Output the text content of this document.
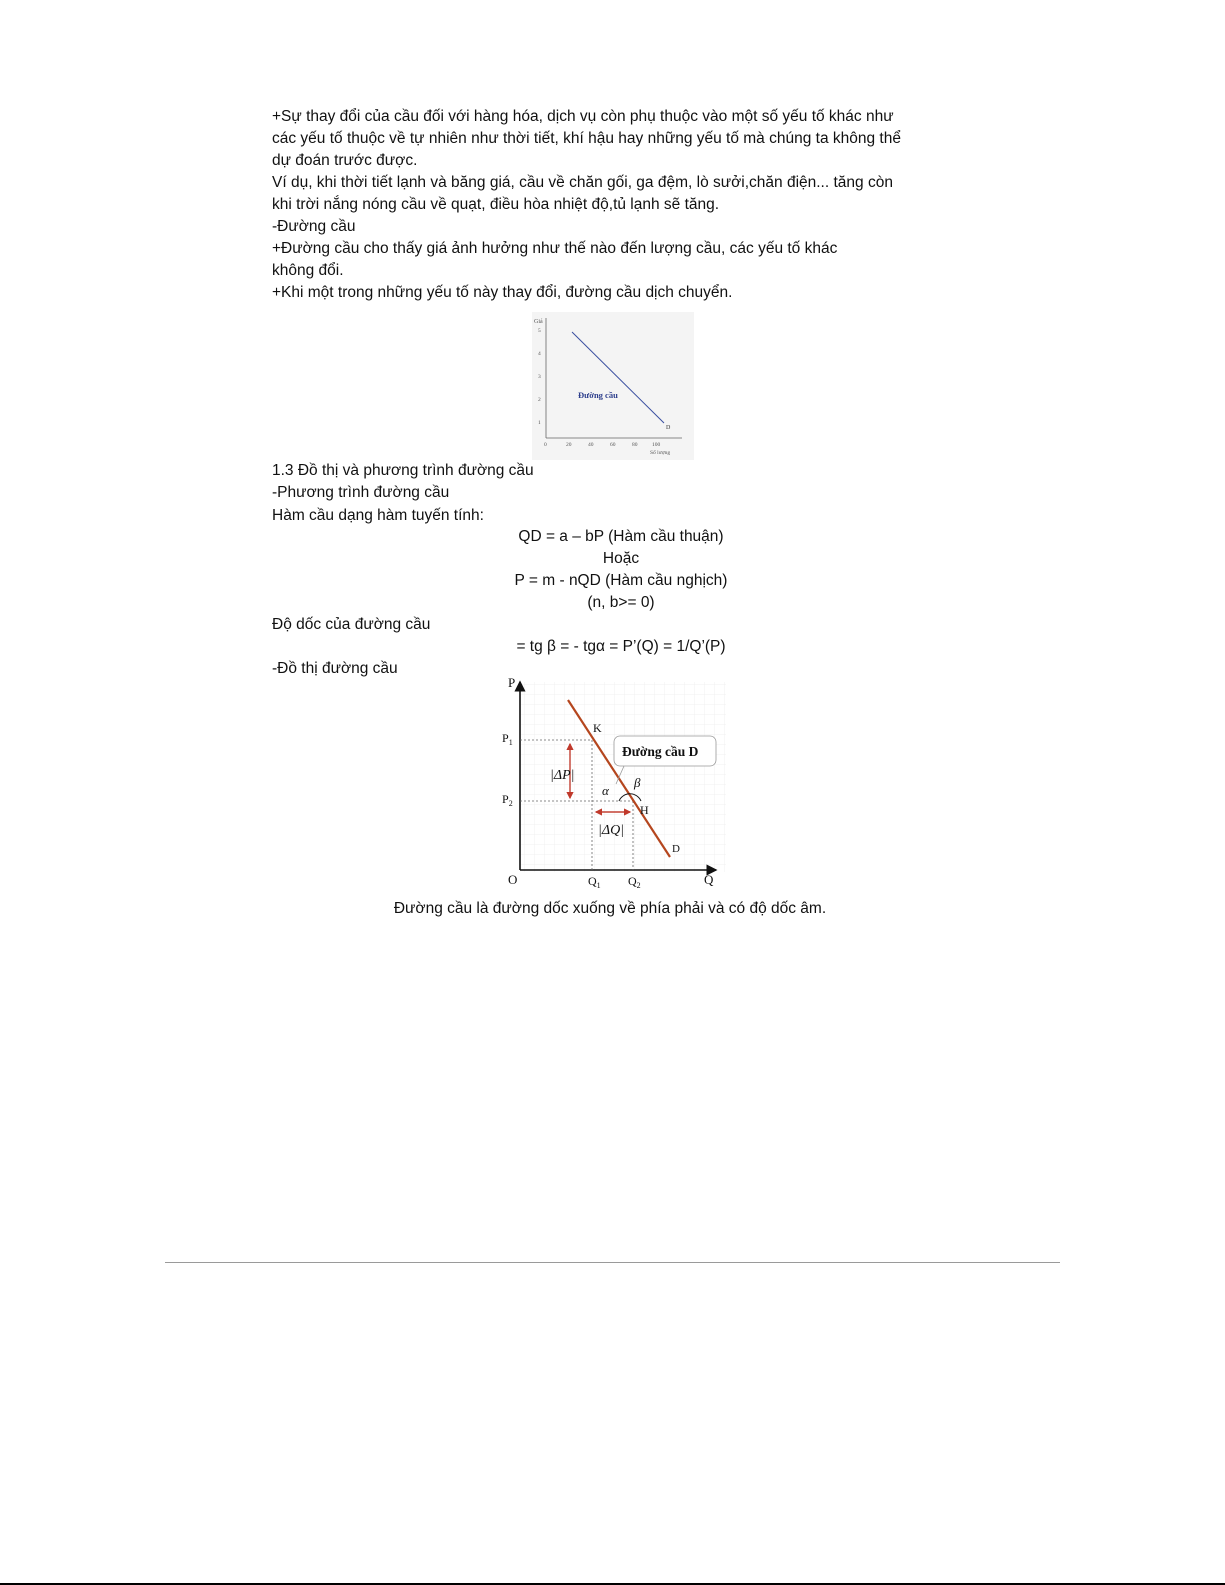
+Sự thay đổi của cầu đối với hàng hóa, dịch vụ còn phụ thuộc vào một số yếu tố khác như
các yếu tố thuộc về tự nhiên như thời tiết, khí hậu hay những yếu tố mà chúng ta không thể
dự đoán trước được.
Ví dụ, khi thời tiết lạnh và băng giá, cầu về chăn gối, ga đệm, lò sưởi,chăn điện... tăng còn
khi trời nắng nóng cầu về quạt, điều hòa nhiệt độ,tủ lạnh sẽ tăng.
-Đường cầu
+Đường cầu cho thấy giá ảnh hưởng như thế nào đến lượng cầu, các yếu tố khác
không đổi.
+Khi một trong những yếu tố này thay đổi, đường cầu dịch chuyển.
Giá
5
4
3
2
1
0	20	40	60	80	100
Số lượng
Đường cầu
D
1.3 Đồ thị và phương trình đường cầu
-Phương trình đường cầu
Hàm cầu dạng hàm tuyến tính:
QD = a – bP (Hàm cầu thuận)
Hoặc
P = m - nQD (Hàm cầu nghịch)
(n, b>= 0)
Độ dốc của đường cầu
= tg β = - tgα = P’(Q) = 1/Q’(P)
-Đồ thị đường cầu
P
Q
O
$P_1$
$P_2$
$Q_1$ $Q_2$
K
H
D
Đường cầu D
|ΔP|
|ΔQ|
α
β
Đường cầu là đường dốc xuống về phía phải và có độ dốc âm.
